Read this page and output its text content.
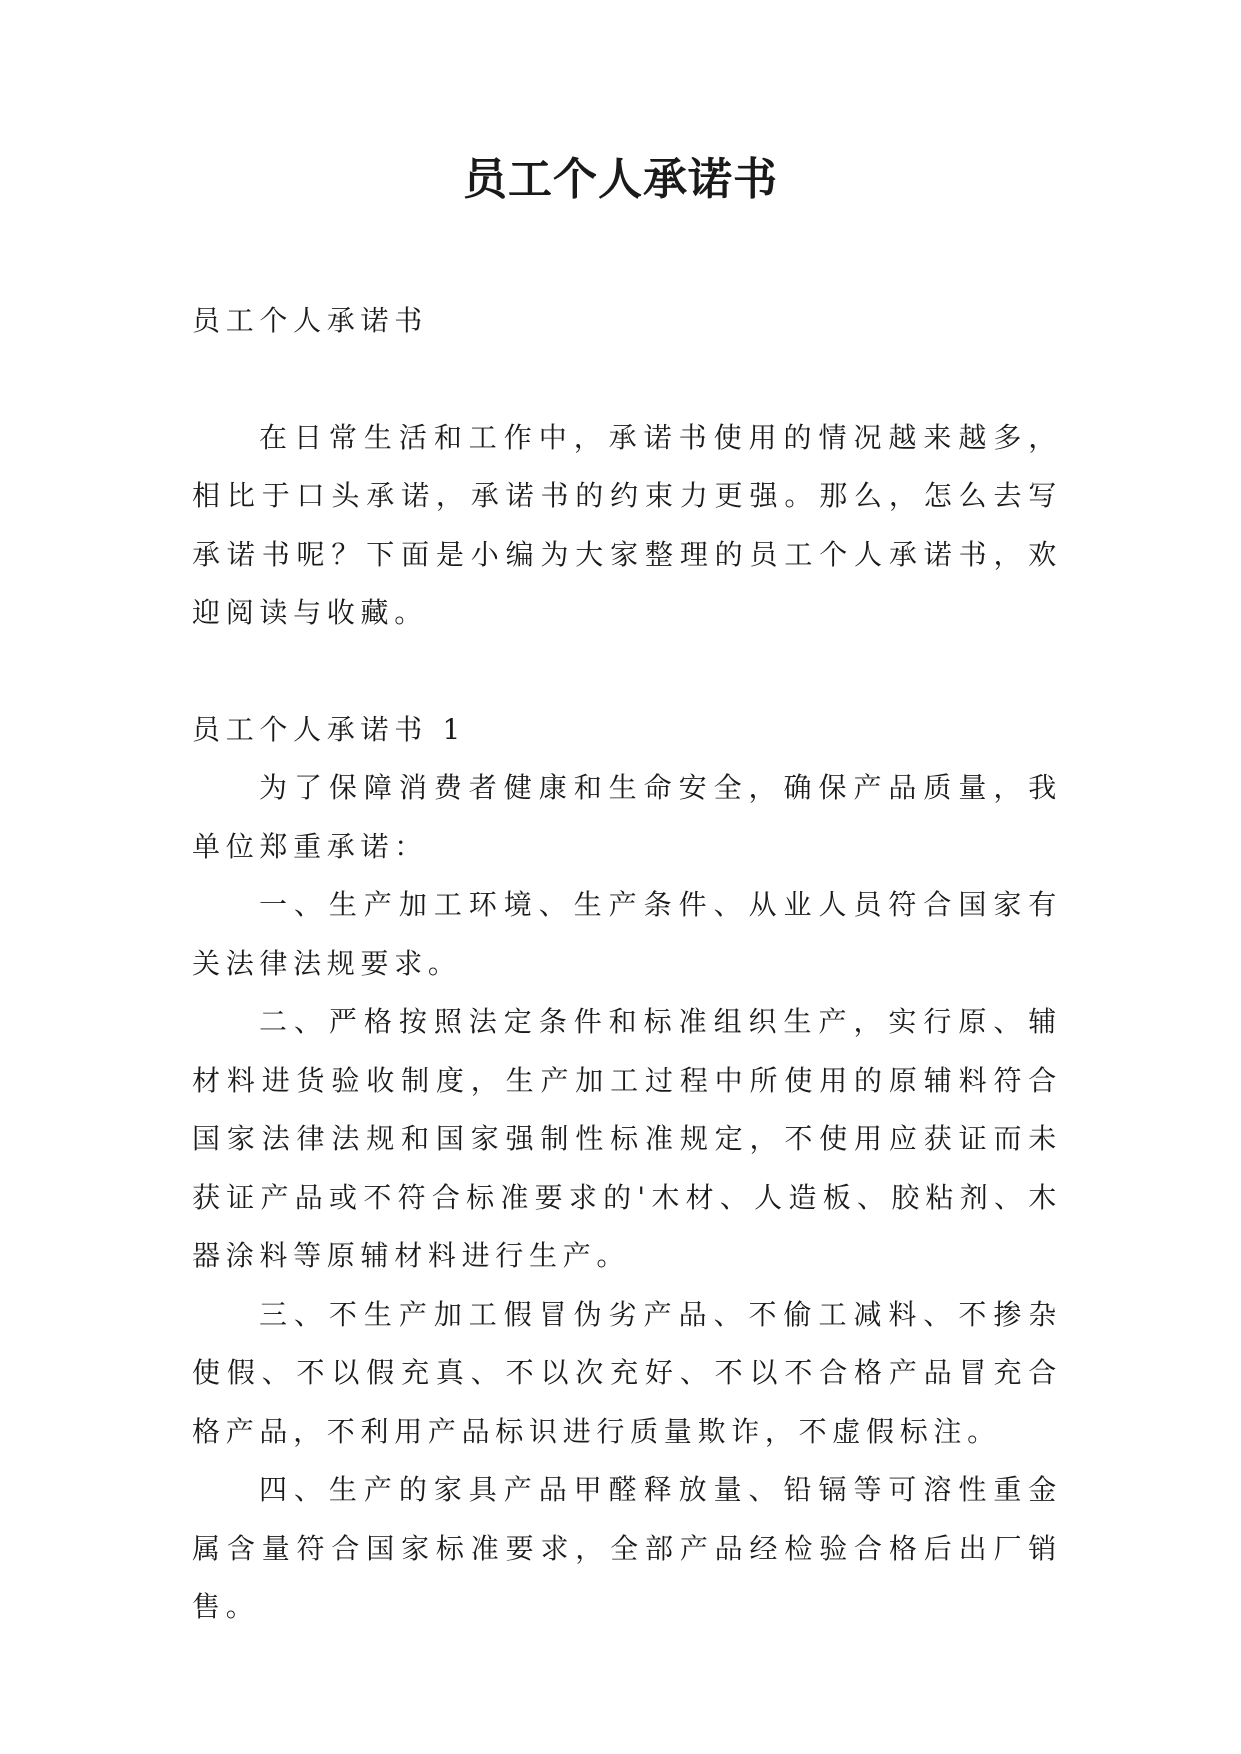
员工个人承诺书

员工个人承诺书

在日常生活和工作中，承诺书使用的情况越来越多，相比于口头承诺，承诺书的约束力更强。那么，怎么去写承诺书呢？下面是小编为大家整理的员工个人承诺书，欢迎阅读与收藏。

员工个人承诺书 1

为了保障消费者健康和生命安全，确保产品质量，我单位郑重承诺：

一、生产加工环境、生产条件、从业人员符合国家有关法律法规要求。

二、严格按照法定条件和标准组织生产，实行原、辅材料进货验收制度，生产加工过程中所使用的原辅料符合国家法律法规和国家强制性标准规定，不使用应获证而未获证产品或不符合标准要求的'木材、人造板、胶粘剂、木器涂料等原辅材料进行生产。

三、不生产加工假冒伪劣产品、不偷工减料、不掺杂使假、不以假充真、不以次充好、不以不合格产品冒充合格产品，不利用产品标识进行质量欺诈，不虚假标注。

四、生产的家具产品甲醛释放量、铅镉等可溶性重金属含量符合国家标准要求，全部产品经检验合格后出厂销售。
